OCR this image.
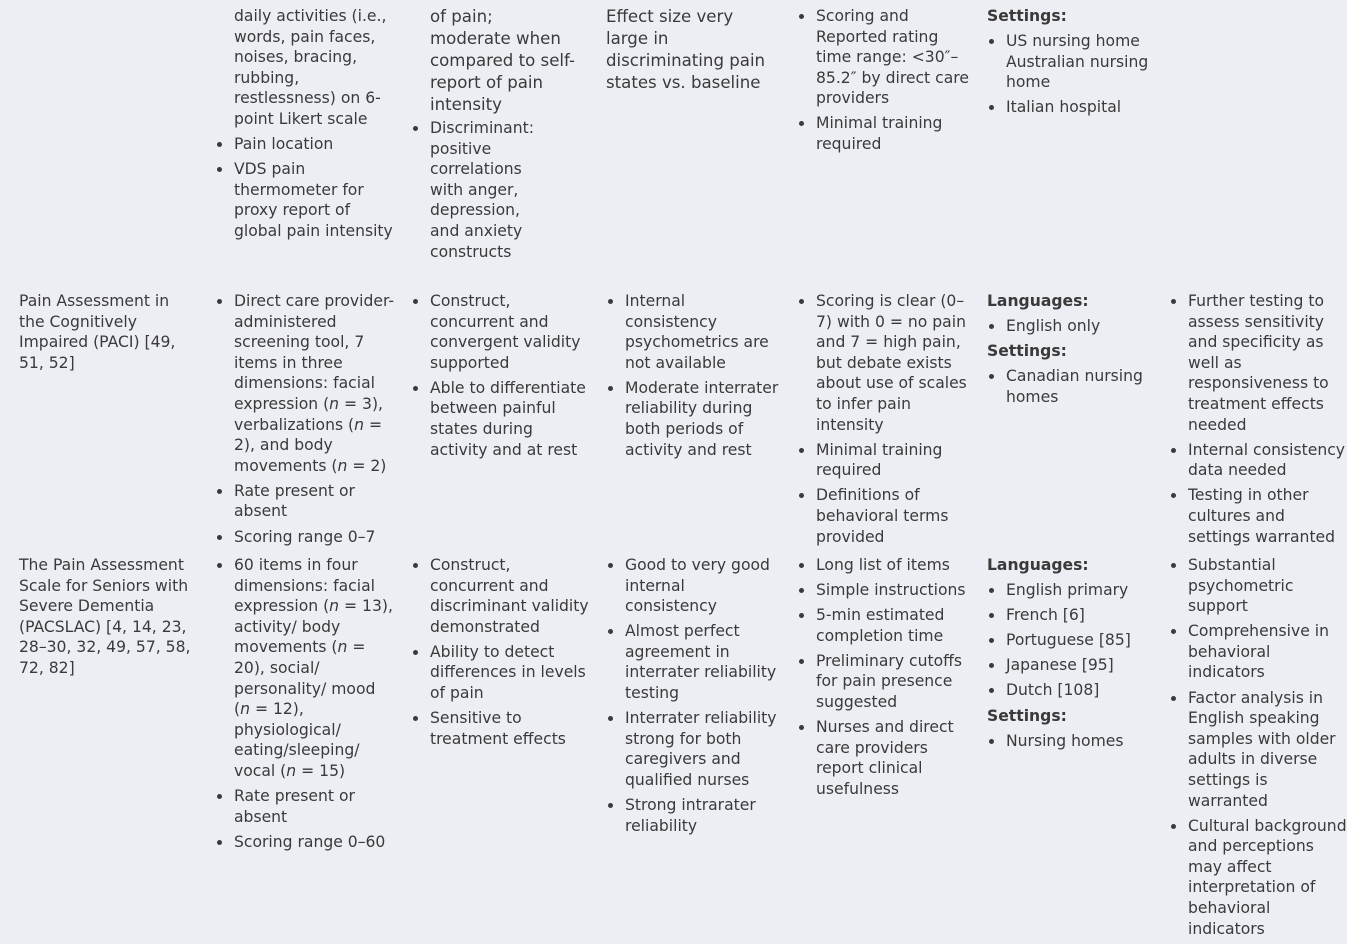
daily activities (i.e., words, pain faces, noises, bracing, rubbing, restlessness) on 6-point Likert scale
Pain location
VDS pain thermometer for proxy report of global pain intensity
of pain; moderate when compared to self-report of pain intensity
Discriminant: positive correlations with anger, depression, and anxiety constructs
Effect size very large in discriminating pain states vs. baseline
Scoring and Reported rating time range: <30″–85.2″ by direct care providers
Minimal training required
Settings:
US nursing home Australian nursing home
Italian hospital
Pain Assessment in the Cognitively Impaired (PACI) [49, 51, 52]
Direct care provider-administered screening tool, 7 items in three dimensions: facial expression (n = 3), verbalizations (n = 2), and body movements (n = 2)
Rate present or absent
Scoring range 0–7
Construct, concurrent and convergent validity supported
Able to differentiate between painful states during activity and at rest
Internal consistency psychometrics are not available
Moderate interrater reliability during both periods of activity and rest
Scoring is clear (0–7) with 0 = no pain and 7 = high pain, but debate exists about use of scales to infer pain intensity
Minimal training required
Definitions of behavioral terms provided
Languages:
English only
Settings:
Canadian nursing homes
Further testing to assess sensitivity and specificity as well as responsiveness to treatment effects needed
Internal consistency data needed
Testing in other cultures and settings warranted
The Pain Assessment Scale for Seniors with Severe Dementia (PACSLAC) [4, 14, 23, 28–30, 32, 49, 57, 58, 72, 82]
60 items in four dimensions: facial expression (n = 13), activity/ body movements (n = 20), social/ personality/ mood (n = 12), physiological/ eating/sleeping/ vocal (n = 15)
Rate present or absent
Scoring range 0–60
Construct, concurrent and discriminant validity demonstrated
Ability to detect differences in levels of pain
Sensitive to treatment effects
Good to very good internal consistency
Almost perfect agreement in interrater reliability testing
Interrater reliability strong for both caregivers and qualified nurses
Strong intrarater reliability
Long list of items
Simple instructions
5-min estimated completion time
Preliminary cutoffs for pain presence suggested
Nurses and direct care providers report clinical usefulness
Languages:
English primary
French [6]
Portuguese [85]
Japanese [95]
Dutch [108]
Settings:
Nursing homes
Substantial psychometric support
Comprehensive in behavioral indicators
Factor analysis in English speaking samples with older adults in diverse settings is warranted
Cultural background and perceptions may affect interpretation of behavioral indicators
